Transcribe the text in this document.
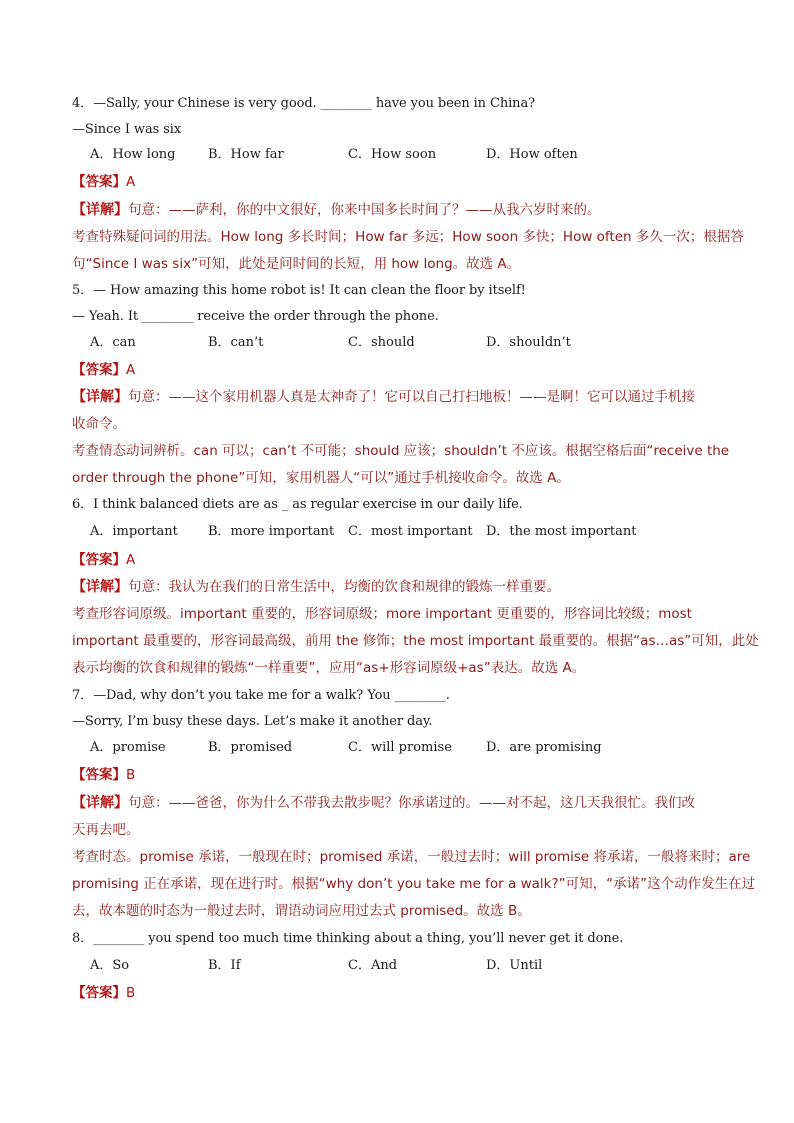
4．—Sally, your Chinese is very good. ________ have you been in China?
—Since I was six
A．How long	B．How far	C．How soon	D．How often
【答案】A
【详解】句意：——萨利，你的中文很好，你来中国多长时间了？——从我六岁时来的。
考查特殊疑问词的用法。How long 多长时间；How far 多远；How soon 多快；How often 多久一次；根据答
句“Since I was six”可知，此处是问时间的长短，用 how long。故选 A。
5．— How amazing this home robot is! It can clean the floor by itself!
— Yeah. It ________ receive the order through the phone.
A．can	B．can’t	C．should	D．shouldn’t
【答案】A
【详解】句意：——这个家用机器人真是太神奇了！它可以自己打扫地板！——是啊！它可以通过手机接
收命令。
考查情态动词辨析。can 可以；can’t 不可能；should 应该；shouldn’t 不应该。根据空格后面“receive the
order through the phone”可知，家用机器人“可以”通过手机接收命令。故选 A。
6．I think balanced diets are as _ as regular exercise in our daily life.
A．important B．more important C．most important D．the most important
【答案】A
【详解】句意：我认为在我们的日常生活中，均衡的饮食和规律的锻炼一样重要。
考查形容词原级。important 重要的，形容词原级；more important 更重要的，形容词比较级；most
important 最重要的，形容词最高级，前用 the 修饰；the most important 最重要的。根据“as…as”可知，此处
表示均衡的饮食和规律的锻炼“一样重要”，应用“as+形容词原级+as”表达。故选 A。
7．—Dad, why don’t you take me for a walk? You ________.
—Sorry, I’m busy these days. Let’s make it another day.
A．promise	B．promised	C．will promise	D．are promising
【答案】B
【详解】句意：——爸爸，你为什么不带我去散步呢？你承诺过的。——对不起，这几天我很忙。我们改
天再去吧。
考查时态。promise 承诺，一般现在时；promised 承诺，一般过去时；will promise 将承诺，一般将来时；are
promising 正在承诺，现在进行时。根据“why don’t you take me for a walk?”可知，“承诺”这个动作发生在过
去，故本题的时态为一般过去时，谓语动词应用过去式 promised。故选 B。
8．________ you spend too much time thinking about a thing, you’ll never get it done.
A．So	B．If	C．And	D．Until
【答案】B
